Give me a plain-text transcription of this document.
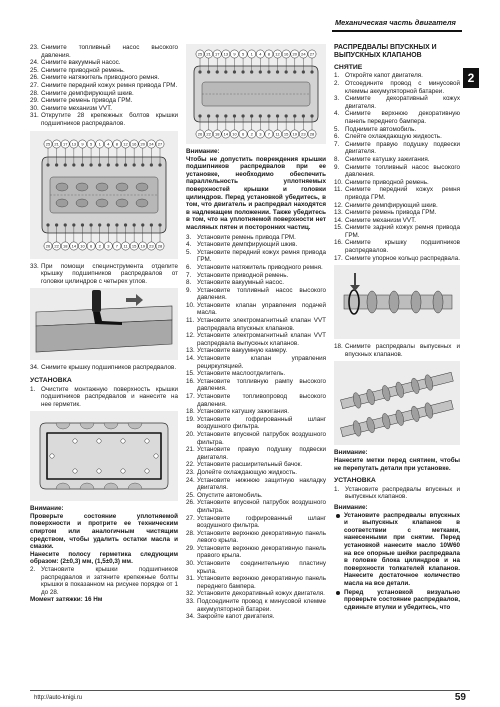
Механическая часть двигателя
2
23. Снимите топливный насос высокого давления.
24. Снимите вакуумный насос.
25. Снимите приводной ремень.
26. Снимите натяжитель приводного ремня.
27. Снимите передний кожух ремня привода ГРМ.
28. Снимите демпфирующий шкив.
29. Снимите ремень привода ГРМ.
30. Снимите механизм VVT.
31. Открутите 28 крепежных болтов крышки подшипников распредвалов.
25 21 17 13 9 5 1 4 8 12 16 20 24 27
26 22 18 14 10 6 2 3 7 11 15 19 23 28
33. При помощи специнструмента отделите крышку подшипников распредвалов от головки цилиндров с четырех углов.
34. Снимите крышку подшипников распредвалов.
УСТАНОВКА
1. Очистите монтажную поверхность крышки подшипников распредвалов и нанесите на нее герметик.
Внимание:

Проверьте состояние уплотняемой поверхности и протрите ее техническим спиртом или аналогичным чистящим средством, чтобы удалить остатки масла и смазки.

Нанесите полосу герметика следующим образом: (2±0,3) мм, (1,5±0,3) мм.

2. Установите крышки подшипников распредвалов и затяните крепежные болты крышки в показанном на рисунке порядке от 1 до 28.
Момент затяжки: 16 Нм
25 21 17 13 9 5 1 4 8 12 16 20 24 27
26 22 18 14 10 6 2 3 7 11 15 19 23 28
Внимание:

Чтобы не допустить повреждения крышки подшипников распредвалов при ее установке, необходимо обеспечить параллельность уплотняемых поверхностей крышки и головки цилиндров. Перед установкой убедитесь, в том, что двигатель и распредвал находятся в надлежащем положении. Также убедитесь в том, что на уплотняемой поверхности нет масляных пятен и посторонних частиц.

3. Установите ремень привода ГРМ.
4. Установите демпфирующий шкив.
5. Установите передний кожух ремня привода ГРМ.
6. Установите натяжитель приводного ремня.
7. Установите приводной ремень.
8. Установите вакуумный насос.
9. Установите топливный насос высокого давления.
10. Установите клапан управления подачей масла.
11. Установите электромагнитный клапан VVT распредвала впускных клапанов.
12. Установите электромагнитный клапан VVT распредвала выпускных клапанов.
13. Установите вакуумную камеру.
14. Установите клапан управления рециркуляцией.
15. Установите маслоотделитель.
16. Установите топливную рампу высокого давления.
17. Установите топливопровод высокого давления.
18. Установите катушку зажигания.
19. Установите гофрированный шланг воздушного фильтра.
20. Установите впускной патрубок воздушного фильтра.
21. Установите правую подушку подвески двигателя.
22. Установите расширительный бачок.
23. Долейте охлаждающую жидкость.
24. Установите нижнюю защитную накладку двигателя.
25. Опустите автомобиль.
26. Установите впускной патрубок воздушного фильтра.
27. Установите гофрированный шланг воздушного фильтра.
28. Установите верхнюю декоративную панель левого крыла.
29. Установите верхнюю декоративную панель правого крыла.
30. Установите соединительную пластину крыла.
31. Установите верхнюю декоративную панель переднего бампера.
32. Установите декоративный кожух двигателя.
33. Подсоедините провод к минусовой клемме аккумуляторной батареи.
34. Закройте капот двигателя.
РАСПРЕДВАЛЫ ВПУСКНЫХ И ВЫПУСКНЫХ КЛАПАНОВ
СНЯТИЕ
1. Откройте капот двигателя.
2. Отсоедините провод с минусовой клеммы аккумуляторной батареи.
3. Снимите декоративный кожух двигателя.
4. Снимите верхнюю декоративную панель переднего бампера.
5. Поднимите автомобиль.
6. Слейте охлаждающую жидкость.
7. Снимите правую подушку подвески двигателя.
8. Снимите катушку зажигания.
9. Снимите топливный насос высокого давления.
10. Снимите приводной ремень.
11. Снимите передний кожух ремня привода ГРМ.
12. Снимите демпфирующий шкив.
13. Снимите ремень привода ГРМ.
14. Снимите механизм VVT.
15. Снимите задний кожух ремня привода ГРМ.
16. Снимите крышку подшипников распредвалов.
17. Снимите упорное кольцо распредвала.
18. Снимите распредвалы выпускных и впускных клапанов.
Внимание:

Нанесите метки перед снятием, чтобы не перепутать детали при установке.

УСТАНОВКА
1. Установите распредвалы впускных и выпускных клапанов.
Внимание:
Установите распредвалы впускных и выпускных клапанов в соответствии с метками, нанесенными при снятии. Перед установкой нанесите масло 10W60 на все опорные шейки распредвала в головке блока цилиндров и на поверхности толкателей клапанов. Нанесите достаточное количество масла на все детали.
Перед установкой визуально проверьте состояние распредвалов, сдвиньте втулки и убедитесь, что
http://auto-knigi.ru	59
